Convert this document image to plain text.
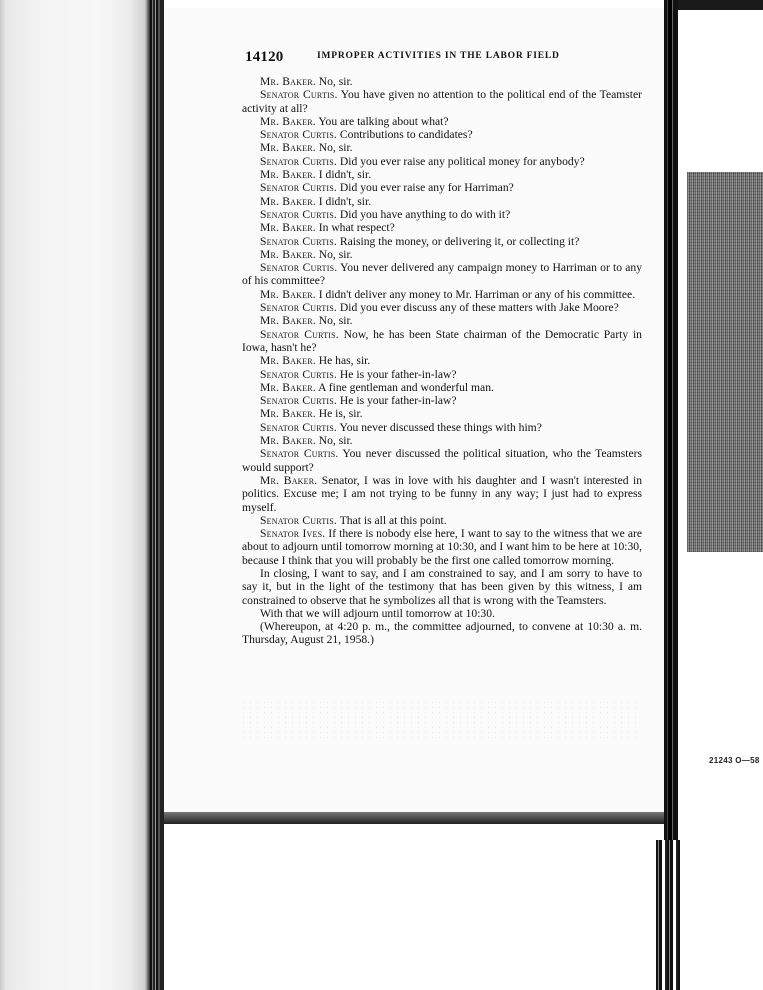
21243 O—58
14120	IMPROPER ACTIVITIES IN THE LABOR FIELD

Mr. Baker. No, sir.

Senator Curtis. You have given no attention to the political end of the Teamster activity at all?

Mr. Baker. You are talking about what?

Senator Curtis. Contributions to candidates?

Mr. Baker. No, sir.

Senator Curtis. Did you ever raise any political money for anybody?

Mr. Baker. I didn't, sir.

Senator Curtis. Did you ever raise any for Harriman?

Mr. Baker. I didn't, sir.

Senator Curtis. Did you have anything to do with it?

Mr. Baker. In what respect?

Senator Curtis. Raising the money, or delivering it, or collecting it?

Mr. Baker. No, sir.

Senator Curtis. You never delivered any campaign money to Harriman or to any of his committee?

Mr. Baker. I didn't deliver any money to Mr. Harriman or any of his committee.

Senator Curtis. Did you ever discuss any of these matters with Jake Moore?

Mr. Baker. No, sir.

Senator Curtis. Now, he has been State chairman of the Democratic Party in Iowa, hasn't he?

Mr. Baker. He has, sir.

Senator Curtis. He is your father-in-law?

Mr. Baker. A fine gentleman and wonderful man.

Senator Curtis. He is your father-in-law?

Mr. Baker. He is, sir.

Senator Curtis. You never discussed these things with him?

Mr. Baker. No, sir.

Senator Curtis. You never discussed the political situation, who the Teamsters would support?

Mr. Baker. Senator, I was in love with his daughter and I wasn't interested in politics. Excuse me; I am not trying to be funny in any way; I just had to express myself.

Senator Curtis. That is all at this point.

Senator Ives. If there is nobody else here, I want to say to the witness that we are about to adjourn until tomorrow morning at 10:30, and I want him to be here at 10:30, because I think that you will probably be the first one called tomorrow morning.

In closing, I want to say, and I am constrained to say, and I am sorry to have to say it, but in the light of the testimony that has been given by this witness, I am constrained to observe that he symbolizes all that is wrong with the Teamsters.

With that we will adjourn until tomorrow at 10:30.

(Whereupon, at 4:20 p. m., the committee adjourned, to convene at 10:30 a. m. Thursday, August 21, 1958.)
